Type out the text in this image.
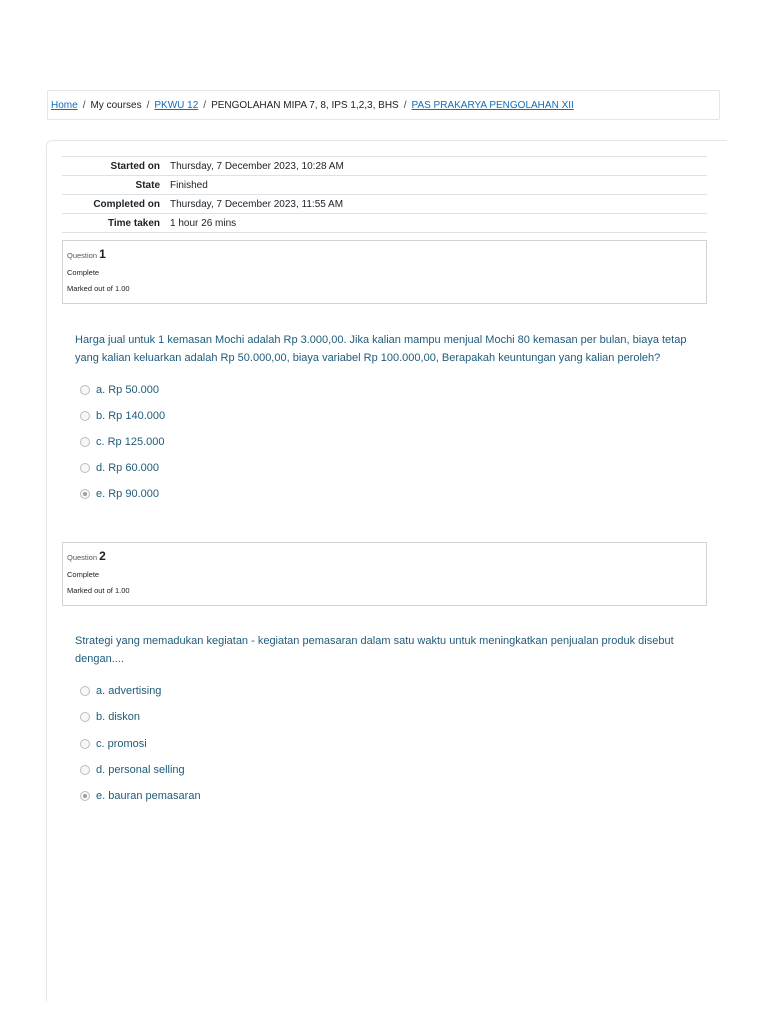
Home / My courses / PKWU 12 / PENGOLAHAN MIPA 7, 8, IPS 1,2,3, BHS / PAS PRAKARYA PENGOLAHAN XII
Started on	Thursday, 7 December 2023, 10:28 AM
State	Finished
Completed on	Thursday, 7 December 2023, 11:55 AM
Time taken	1 hour 26 mins
Question 1
Complete
Marked out of 1.00
Harga jual untuk 1 kemasan Mochi adalah Rp 3.000,00. Jika kalian mampu menjual Mochi 80 kemasan per bulan, biaya tetap yang kalian keluarkan adalah Rp 50.000,00, biaya variabel Rp 100.000,00, Berapakah keuntungan yang kalian peroleh?
a. Rp 50.000
b. Rp 140.000
c. Rp 125.000
d. Rp 60.000
e. Rp 90.000
Question 2
Complete
Marked out of 1.00
Strategi yang memadukan kegiatan - kegiatan pemasaran dalam satu waktu untuk meningkatkan penjualan produk disebut dengan....
a. advertising
b. diskon
c. promosi
d. personal selling
e. bauran pemasaran
